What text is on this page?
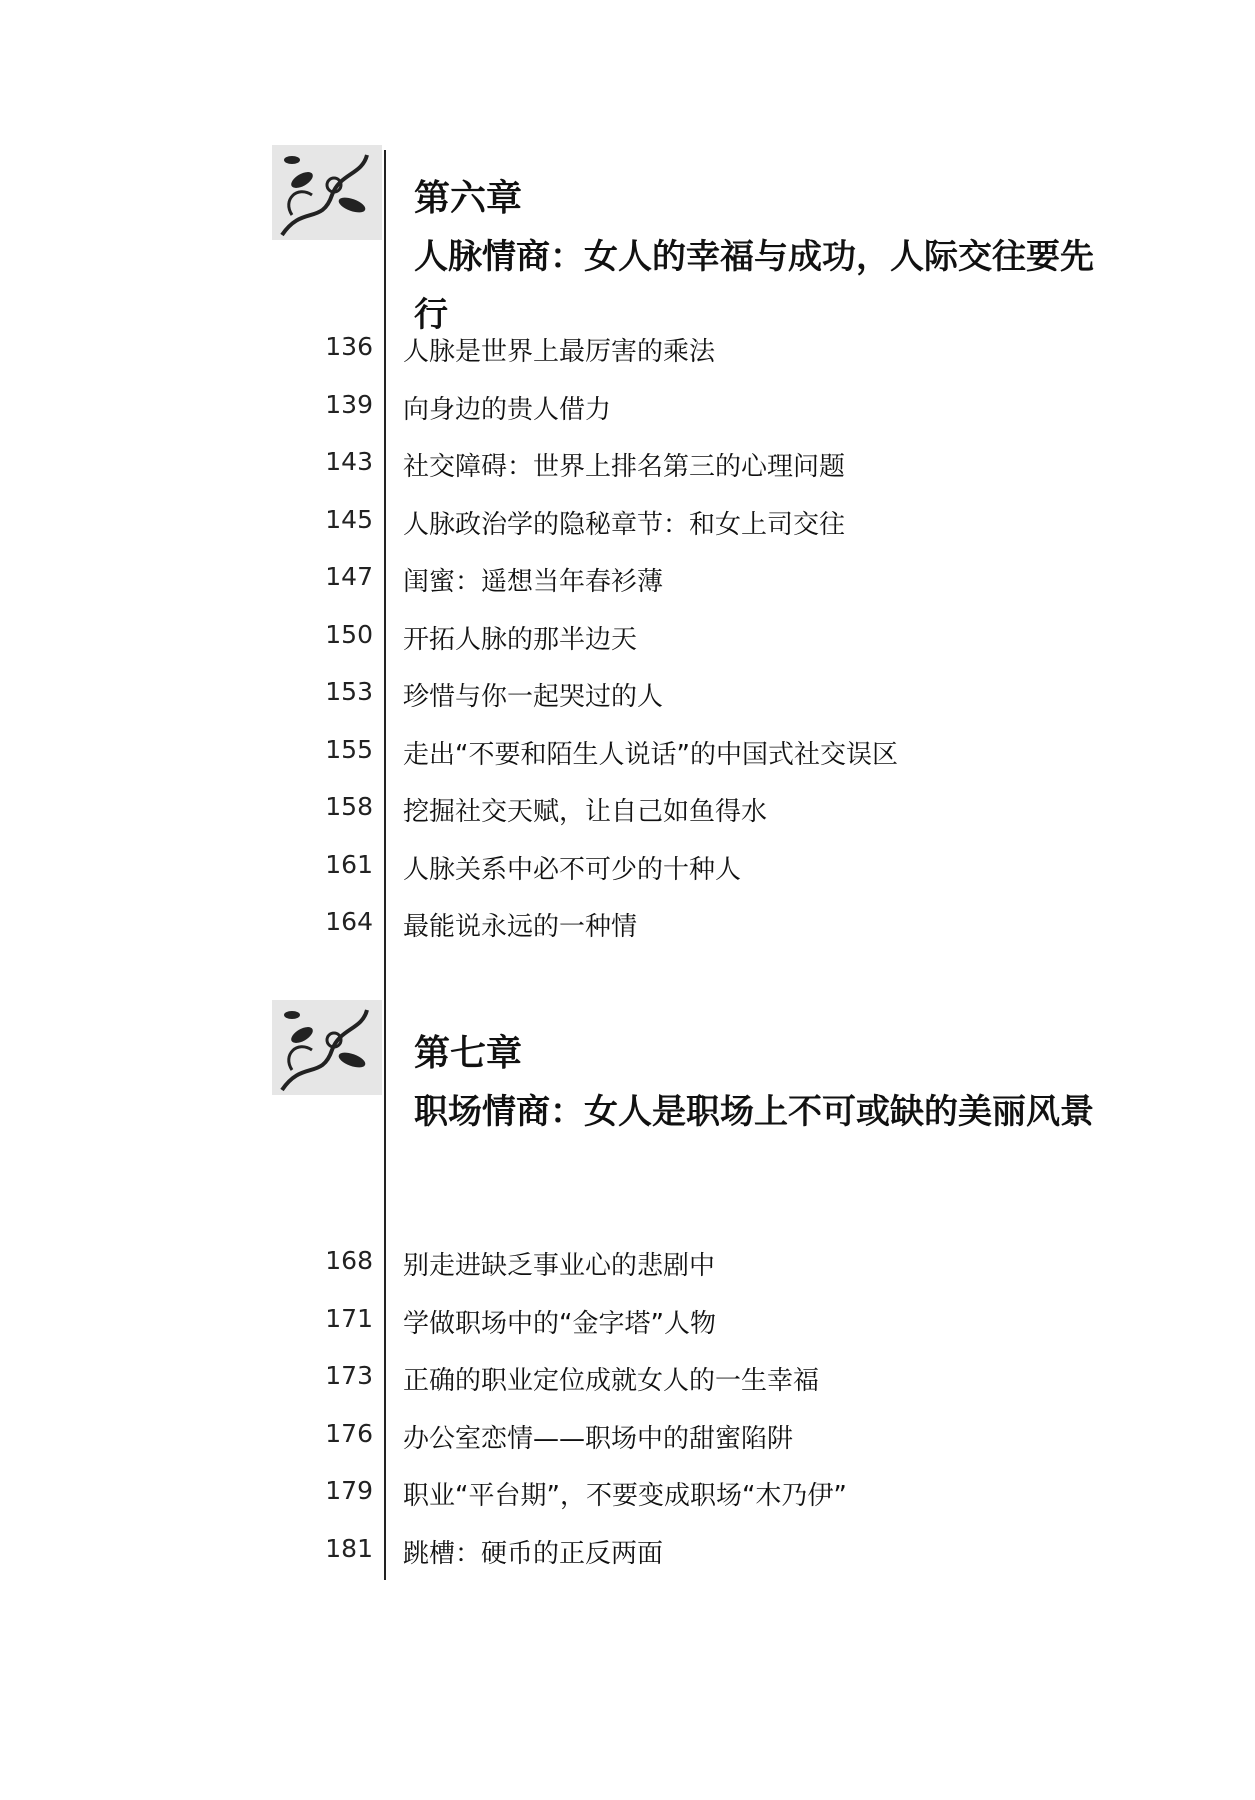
第六章
人脉情商：女人的幸福与成功，人际交往要先行
136 人脉是世界上最厉害的乘法
139 向身边的贵人借力
143 社交障碍：世界上排名第三的心理问题
145 人脉政治学的隐秘章节：和女上司交往
147 闺蜜：遥想当年春衫薄
150 开拓人脉的那半边天
153 珍惜与你一起哭过的人
155 走出“不要和陌生人说话”的中国式社交误区
158 挖掘社交天赋，让自己如鱼得水
161 人脉关系中必不可少的十种人
164 最能说永远的一种情
第七章
职场情商：女人是职场上不可或缺的美丽风景
168 别走进缺乏事业心的悲剧中
171 学做职场中的“金字塔”人物
173 正确的职业定位成就女人的一生幸福
176 办公室恋情——职场中的甜蜜陷阱
179 职业“平台期”，不要变成职场“木乃伊”
181 跳槽：硬币的正反两面
